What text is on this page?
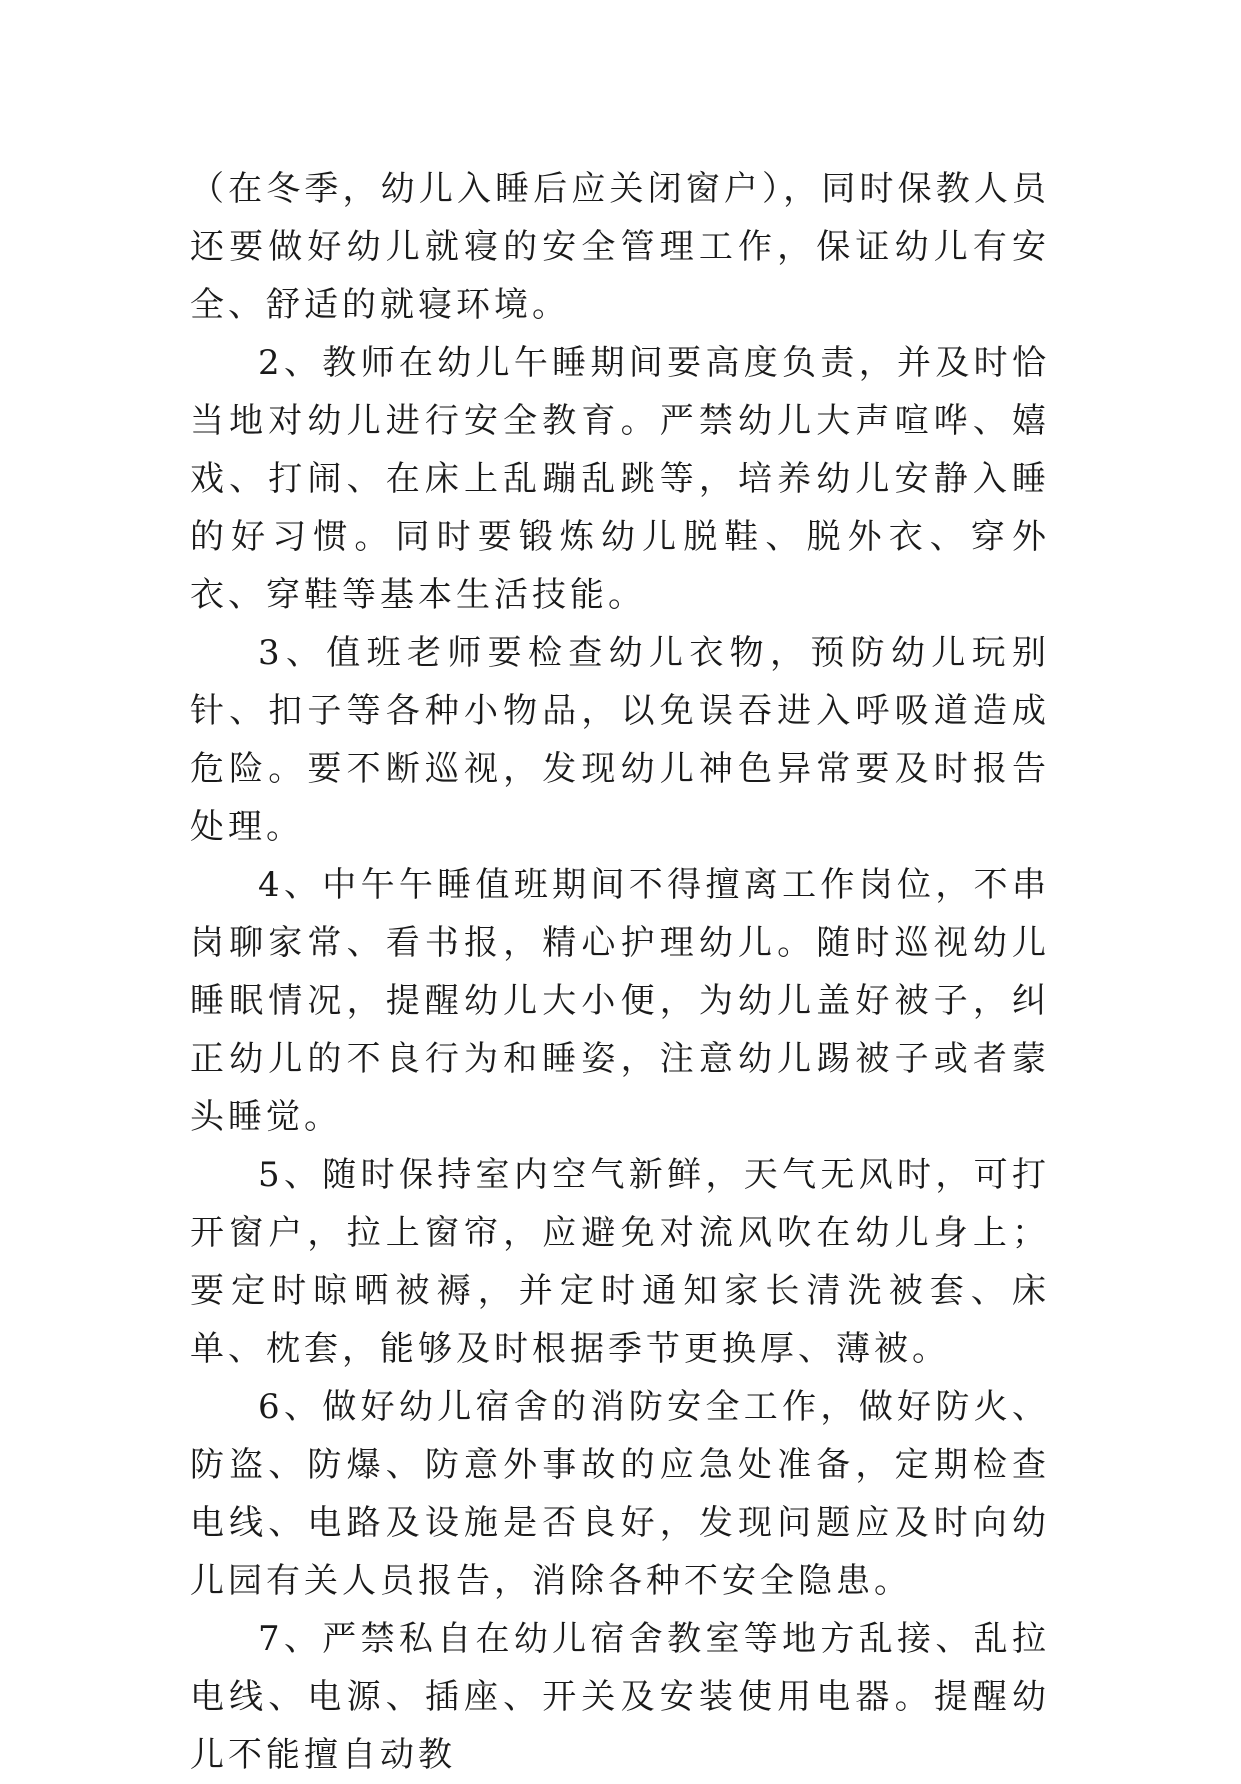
（在冬季，幼儿入睡后应关闭窗户），同时保教人员还要做好幼儿就寝的安全管理工作，保证幼儿有安全、舒适的就寝环境。

2、教师在幼儿午睡期间要高度负责，并及时恰当地对幼儿进行安全教育。严禁幼儿大声喧哗、嬉戏、打闹、在床上乱蹦乱跳等，培养幼儿安静入睡的好习惯。同时要锻炼幼儿脱鞋、脱外衣、穿外衣、穿鞋等基本生活技能。

3、值班老师要检查幼儿衣物，预防幼儿玩别针、扣子等各种小物品，以免误吞进入呼吸道造成危险。要不断巡视，发现幼儿神色异常要及时报告处理。

4、中午午睡值班期间不得擅离工作岗位，不串岗聊家常、看书报，精心护理幼儿。随时巡视幼儿睡眠情况，提醒幼儿大小便，为幼儿盖好被子，纠正幼儿的不良行为和睡姿，注意幼儿踢被子或者蒙头睡觉。

5、随时保持室内空气新鲜，天气无风时，可打开窗户，拉上窗帘，应避免对流风吹在幼儿身上；要定时晾晒被褥，并定时通知家长清洗被套、床单、枕套，能够及时根据季节更换厚、薄被。

6、做好幼儿宿舍的消防安全工作，做好防火、防盗、防爆、防意外事故的应急处准备，定期检查电线、电路及设施是否良好，发现问题应及时向幼儿园有关人员报告，消除各种不安全隐患。

7、严禁私自在幼儿宿舍教室等地方乱接、乱拉电线、电源、插座、开关及安装使用电器。提醒幼儿不能擅自动教
